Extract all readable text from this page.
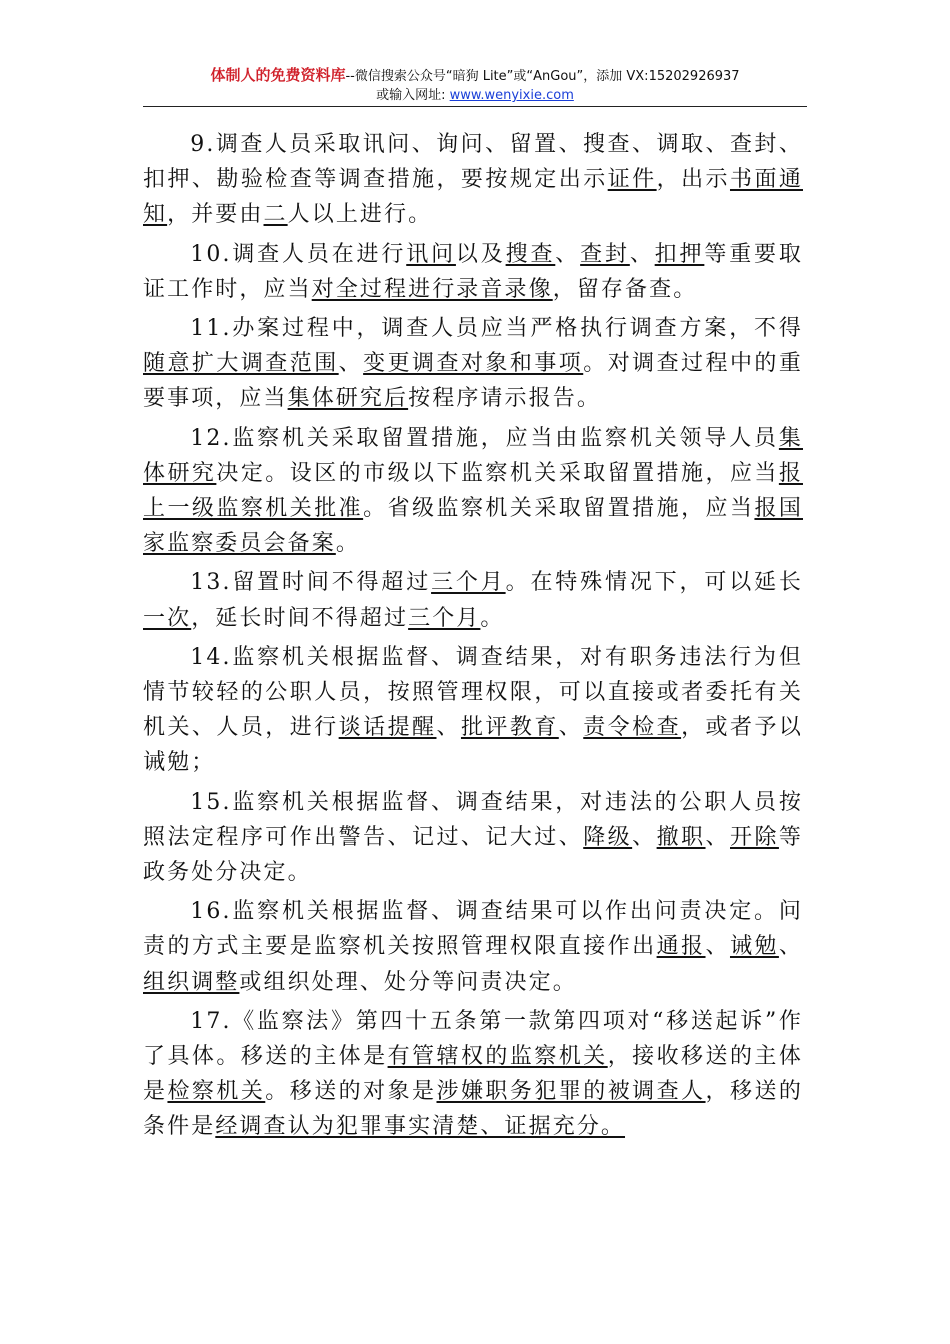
体制人的免费资料库--微信搜索公众号“暗狗 Lite”或“AnGou”，添加 VX:15202926937
或输入网址: www.wenyixie.com

9.调查人员采取讯问、询问、留置、搜查、调取、查封、扣押、勘验检查等调查措施，要按规定出示证件，出示书面通知，并要由二人以上进行。

10.调查人员在进行讯问以及搜查、查封、扣押等重要取证工作时，应当对全过程进行录音录像，留存备查。

11.办案过程中，调查人员应当严格执行调查方案，不得随意扩大调查范围、变更调查对象和事项。对调查过程中的重要事项，应当集体研究后按程序请示报告。

12.监察机关采取留置措施，应当由监察机关领导人员集体研究决定。设区的市级以下监察机关采取留置措施，应当报上一级监察机关批准。省级监察机关采取留置措施，应当报国家监察委员会备案。

13.留置时间不得超过三个月。在特殊情况下，可以延长一次，延长时间不得超过三个月。

14.监察机关根据监督、调查结果，对有职务违法行为但情节较轻的公职人员，按照管理权限，可以直接或者委托有关机关、人员，进行谈话提醒、批评教育、责令检查，或者予以诫勉；

15.监察机关根据监督、调查结果，对违法的公职人员按照法定程序可作出警告、记过、记大过、降级、撤职、开除等政务处分决定。

16.监察机关根据监督、调查结果可以作出问责决定。问责的方式主要是监察机关按照管理权限直接作出通报、诫勉、组织调整或组织处理、处分等问责决定。

17.《监察法》第四十五条第一款第四项对“移送起诉”作了具体。移送的主体是有管辖权的监察机关，接收移送的主体是检察机关。移送的对象是涉嫌职务犯罪的被调查人，移送的条件是经调查认为犯罪事实清楚、证据充分。
